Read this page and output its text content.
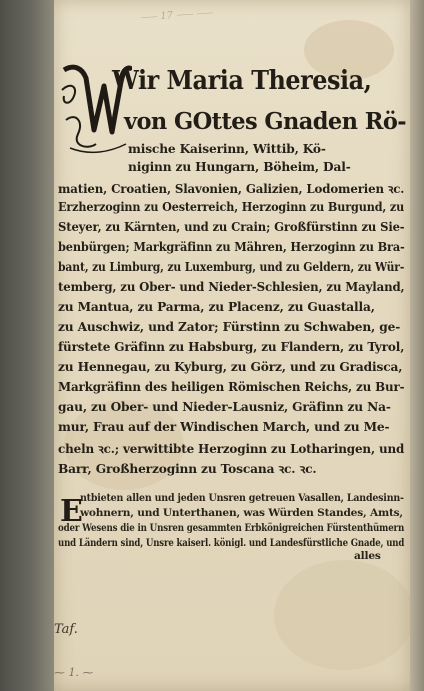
⸺ 17 ⸺ ⸺
Wir Maria Theresia,
von GOttes Gnaden Rö-
mische Kaiserinn, Wittib, Kö-
niginn zu Hungarn, Böheim, Dal-
matien, Croatien, Slavonien, Galizien, Lodomerien ꝛc.
Erzherzoginn zu Oesterreich, Herzoginn zu Burgund, zu
Steyer, zu Kärnten, und zu Crain; Großfürstinn zu Sie-
benbürgen; Markgräfinn zu Mähren, Herzoginn zu Bra-
bant, zu Limburg, zu Luxemburg, und zu Geldern, zu Wür-
temberg, zu Ober- und Nieder-Schlesien, zu Mayland,
zu Mantua, zu Parma, zu Placenz, zu Guastalla,
zu Auschwiz, und Zator; Fürstinn zu Schwaben, ge-
fürstete Gräfinn zu Habsburg, zu Flandern, zu Tyrol,
zu Hennegau, zu Kyburg, zu Görz, und zu Gradisca,
Markgräfinn des heiligen Römischen Reichs, zu Bur-
gau, zu Ober- und Nieder-Lausniz, Gräfinn zu Na-
mur, Frau auf der Windischen March, und zu Me-
cheln ꝛc.; verwittibte Herzoginn zu Lotharingen, und
Barr, Großherzoginn zu Toscana ꝛc. ꝛc.
E
ntbieten allen und jeden Unsren getreuen Vasallen, Landesinn-
wohnern, und Unterthanen, was Würden Standes, Amts,
oder Wesens die in Unsren gesammten Erbkönigreichen Fürstenthümern
und Ländern sind, Unsre kaiserl. königl. und Landesfürstliche Gnade, und
alles
Taf.
⁓ 1. ⁓
